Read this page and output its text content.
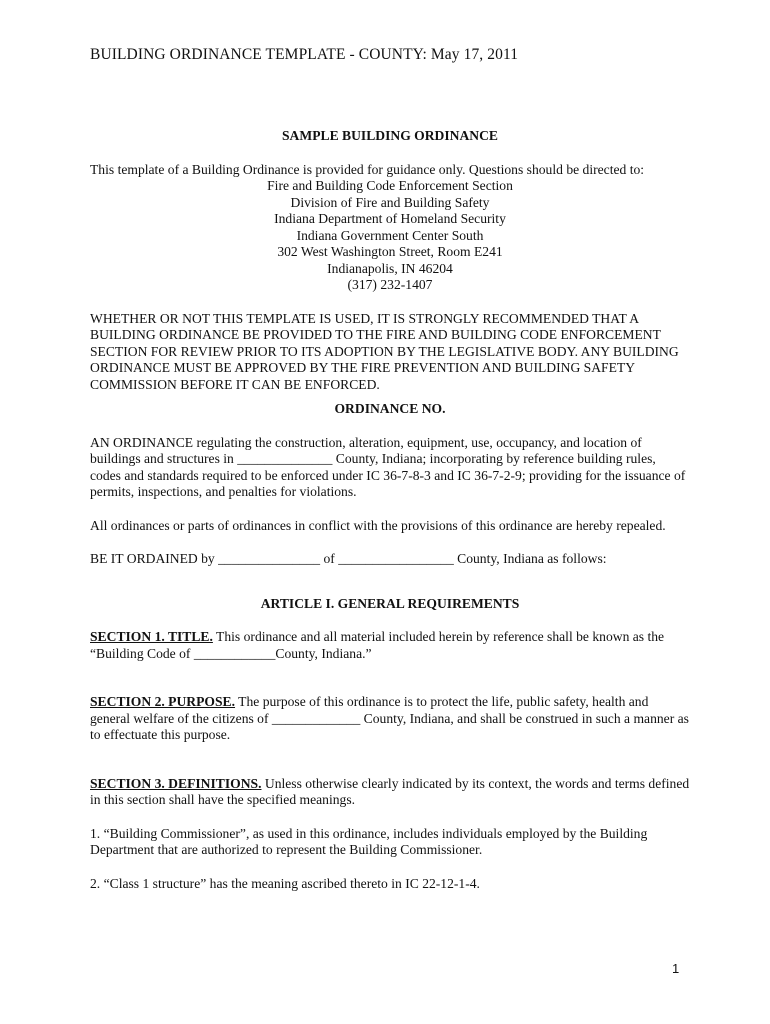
BUILDING ORDINANCE TEMPLATE - COUNTY: May 17, 2011

SAMPLE BUILDING ORDINANCE

This template of a Building Ordinance is provided for guidance only. Questions should be directed to:

Fire and Building Code Enforcement Section
Division of Fire and Building Safety
Indiana Department of Homeland Security
Indiana Government Center South
302 West Washington Street, Room E241
Indianapolis, IN 46204
(317) 232-1407

WHETHER OR NOT THIS TEMPLATE IS USED, IT IS STRONGLY RECOMMENDED THAT A BUILDING ORDINANCE BE PROVIDED TO THE FIRE AND BUILDING CODE ENFORCEMENT SECTION FOR REVIEW PRIOR TO ITS ADOPTION BY THE LEGISLATIVE BODY. ANY BUILDING ORDINANCE MUST BE APPROVED BY THE FIRE PREVENTION AND BUILDING SAFETY COMMISSION BEFORE IT CAN BE ENFORCED.

ORDINANCE NO.

AN ORDINANCE regulating the construction, alteration, equipment, use, occupancy, and location of buildings and structures in ______________ County, Indiana; incorporating by reference building rules, codes and standards required to be enforced under IC 36-7-8-3 and IC 36-7-2-9; providing for the issuance of permits, inspections, and penalties for violations.

All ordinances or parts of ordinances in conflict with the provisions of this ordinance are hereby repealed.

BE IT ORDAINED by _______________ of _________________ County, Indiana as follows:

ARTICLE I. GENERAL REQUIREMENTS

SECTION 1. TITLE. This ordinance and all material included herein by reference shall be known as the “Building Code of ____________County, Indiana.”

SECTION 2. PURPOSE. The purpose of this ordinance is to protect the life, public safety, health and general welfare of the citizens of _____________ County, Indiana, and shall be construed in such a manner as to effectuate this purpose.

SECTION 3. DEFINITIONS. Unless otherwise clearly indicated by its context, the words and terms defined in this section shall have the specified meanings.

1. “Building Commissioner”, as used in this ordinance, includes individuals employed by the Building Department that are authorized to represent the Building Commissioner.

2. “Class 1 structure” has the meaning ascribed thereto in IC 22-12-1-4.

1
